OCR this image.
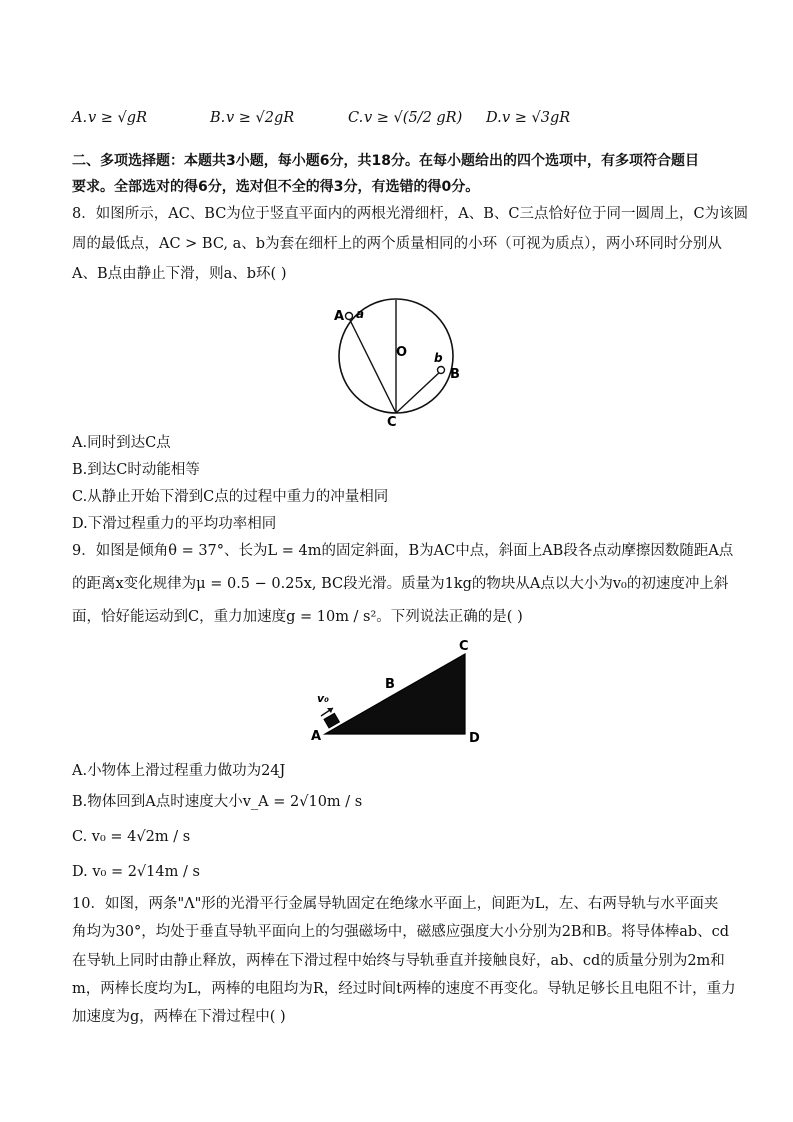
A. v ≥ √gR	B. v ≥ √2gR	C. v ≥ √(5/2 gR) D. v ≥ √3gR
二、多项选择题：本题共3小题，每小题6分，共18分。在每小题给出的四个选项中，有多项符合题目
要求。全部选对的得6分，选对但不全的得3分，有选错的得0分。
8．如图所示，AC、BC为位于竖直平面内的两根光滑细杆，A、B、C三点恰好位于同一圆周上，C为该圆
周的最低点，AC > BC, a、b为套在细杆上的两个质量相同的小环（可视为质点），两小环同时分别从
A、B点由静止下滑，则a、b环( )
A a
O b
B
C
A.同时到达C点
B.到达C时动能相等
C.从静止开始下滑到C点的过程中重力的冲量相同
D.下滑过程重力的平均功率相同
9．如图是倾角θ = 37°、长为L = 4m的固定斜面，B为AC中点，斜面上AB段各点动摩擦因数随距A点
的距离x变化规律为μ = 0.5 − 0.25x, BC段光滑。质量为1kg的物块从A点以大小为v₀的初速度冲上斜
面，恰好能运动到C，重力加速度g = 10m / s²。下列说法正确的是( )
C
B
v₀
A	D
A.小物体上滑过程重力做功为24J
B.物体回到A点时速度大小v_A = 2√10m / s
C. v₀ = 4√2m / s
D. v₀ = 2√14m / s
10．如图，两条"Λ"形的光滑平行金属导轨固定在绝缘水平面上，间距为L，左、右两导轨与水平面夹
角均为30°，均处于垂直导轨平面向上的匀强磁场中，磁感应强度大小分别为2B和B。将导体棒ab、cd
在导轨上同时由静止释放，两棒在下滑过程中始终与导轨垂直并接触良好，ab、cd的质量分别为2m和
m，两棒长度均为L，两棒的电阻均为R，经过时间t两棒的速度不再变化。导轨足够长且电阻不计，重力
加速度为g，两棒在下滑过程中( )
